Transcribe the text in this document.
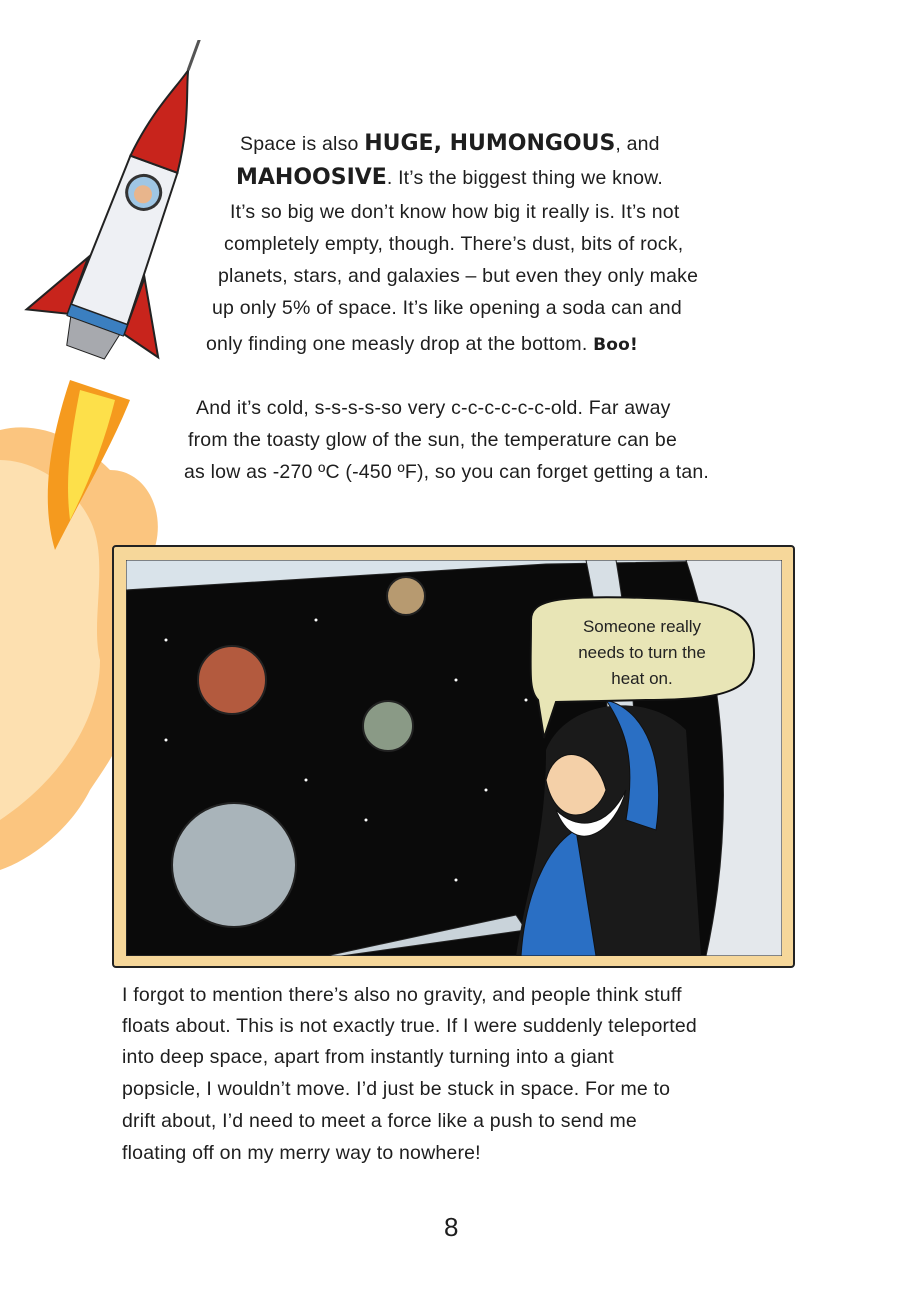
Space is also HUGE, HUMONGOUS, and
MAHOOSIVE. It’s the biggest thing we know.
It’s so big we don’t know how big it really is. It’s not
completely empty, though. There’s dust, bits of rock,
planets, stars, and galaxies – but even they only make
up only 5% of space. It’s like opening a soda can and
only finding one measly drop at the bottom. Boo!
And it’s cold, s-s-s-s-so very c-c-c-c-c-c-old. Far away
from the toasty glow of the sun, the temperature can be
as low as -270 ºC (-450 ºF), so you can forget getting a tan.
Someone really
needs to turn the
heat on.
I forgot to mention there’s also no gravity, and people think stuff
floats about. This is not exactly true. If I were suddenly teleported
into deep space, apart from instantly turning into a giant
popsicle, I wouldn’t move. I’d just be stuck in space. For me to
drift about, I’d need to meet a force like a push to send me
floating off on my merry way to nowhere!
8
